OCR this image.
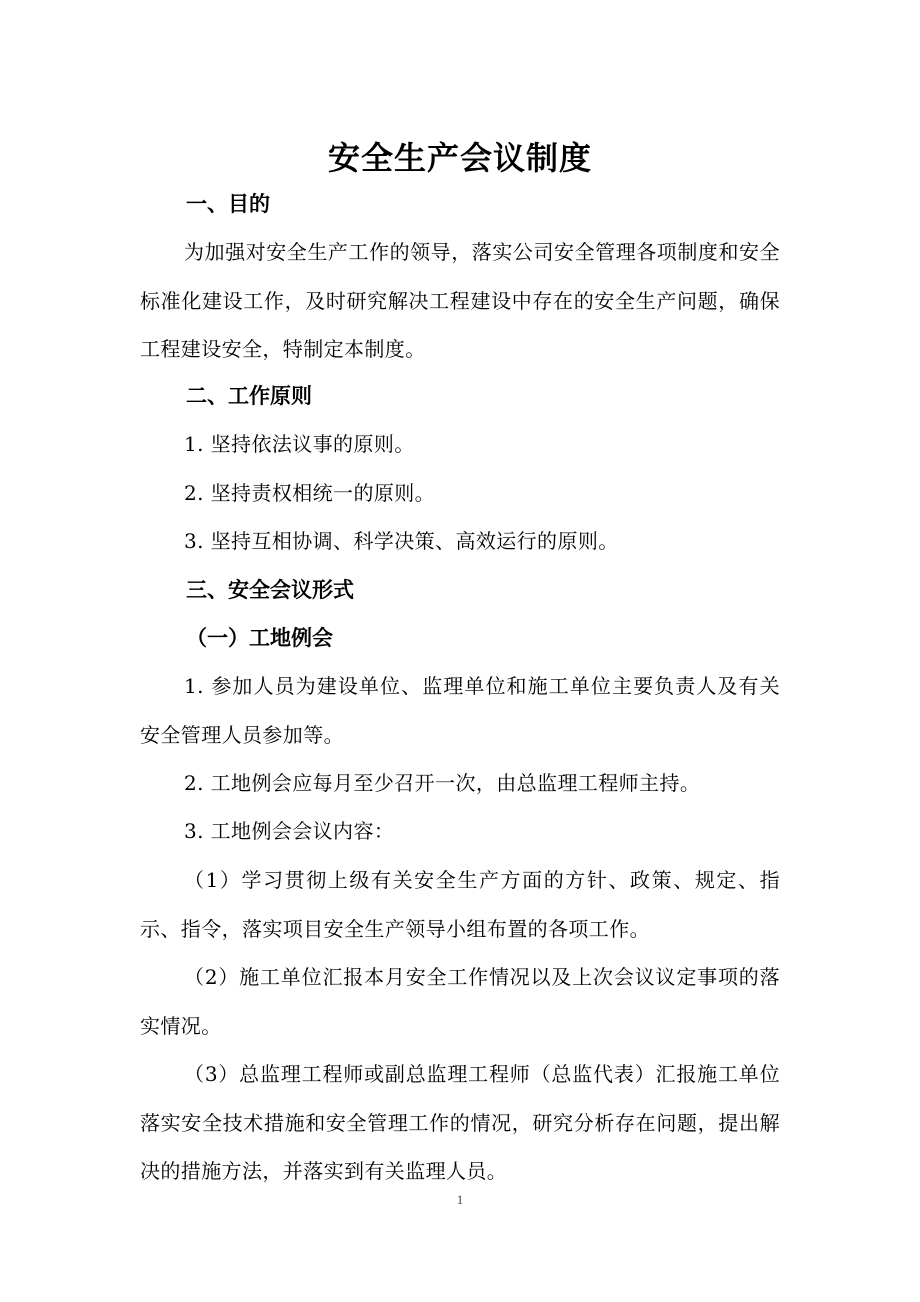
安全生产会议制度
一、目的
为加强对安全生产工作的领导，落实公司安全管理各项制度和安全标准化建设工作，及时研究解决工程建设中存在的安全生产问题，确保工程建设安全，特制定本制度。
二、工作原则
1. 坚持依法议事的原则。
2. 坚持责权相统一的原则。
3. 坚持互相协调、科学决策、高效运行的原则。
三、安全会议形式
（一）工地例会
1. 参加人员为建设单位、监理单位和施工单位主要负责人及有关安全管理人员参加等。
2. 工地例会应每月至少召开一次，由总监理工程师主持。
3. 工地例会会议内容：
（1）学习贯彻上级有关安全生产方面的方针、政策、规定、指示、指令，落实项目安全生产领导小组布置的各项工作。
（2）施工单位汇报本月安全工作情况以及上次会议议定事项的落实情况。
（3）总监理工程师或副总监理工程师（总监代表）汇报施工单位落实安全技术措施和安全管理工作的情况，研究分析存在问题，提出解决的措施方法，并落实到有关监理人员。
1
